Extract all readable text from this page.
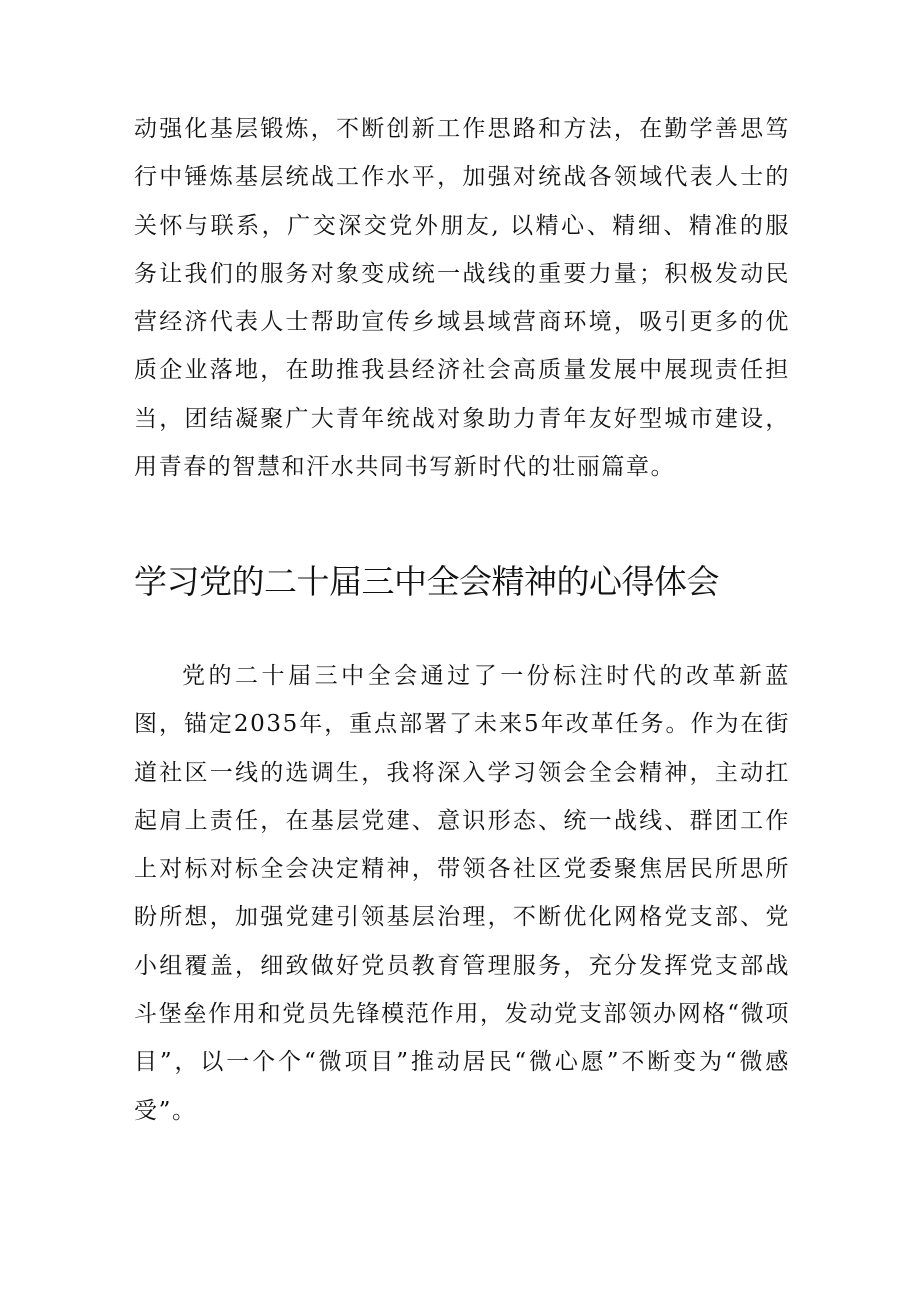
动强化基层锻炼，不断创新工作思路和方法，在勤学善思笃行中锤炼基层统战工作水平，加强对统战各领域代表人士的关怀与联系，广交深交党外朋友, 以精心、精细、精准的服务让我们的服务对象变成统一战线的重要力量；积极发动民营经济代表人士帮助宣传乡域县域营商环境，吸引更多的优质企业落地，在助推我县经济社会高质量发展中展现责任担当，团结凝聚广大青年统战对象助力青年友好型城市建设，用青春的智慧和汗水共同书写新时代的壮丽篇章。

学习党的二十届三中全会精神的心得体会

党的二十届三中全会通过了一份标注时代的改革新蓝图，锚定2035年，重点部署了未来5年改革任务。作为在街道社区一线的选调生，我将深入学习领会全会精神，主动扛起肩上责任，在基层党建、意识形态、统一战线、群团工作上对标对标全会决定精神，带领各社区党委聚焦居民所思所盼所想，加强党建引领基层治理，不断优化网格党支部、党小组覆盖，细致做好党员教育管理服务，充分发挥党支部战斗堡垒作用和党员先锋模范作用，发动党支部领办网格“微项目”，以一个个“微项目”推动居民“微心愿”不断变为“微感受”。
